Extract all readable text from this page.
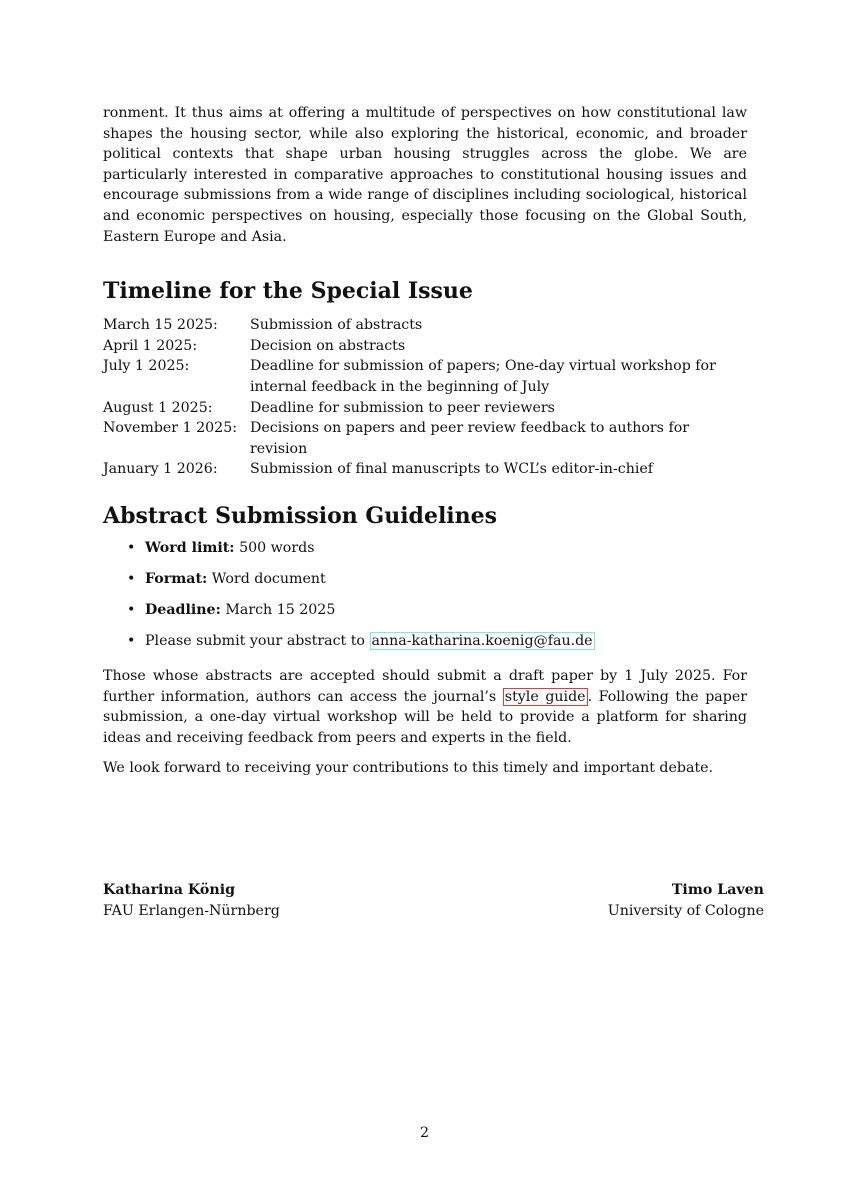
ronment. It thus aims at offering a multitude of perspectives on how constitutional law shapes the housing sector, while also exploring the historical, economic, and broader political contexts that shape urban housing struggles across the globe. We are particularly interested in comparative approaches to constitutional housing issues and encourage submissions from a wide range of disciplines including sociological, historical and economic perspectives on housing, especially those focusing on the Global South, Eastern Europe and Asia.

Timeline for the Special Issue
March 15 2025:	Submission of abstracts
April 1 2025:	Decision on abstracts
July 1 2025:	Deadline for submission of papers; One-day virtual workshop for internal feedback in the beginning of July
August 1 2025:	Deadline for submission to peer reviewers
November 1 2025:	Decisions on papers and peer review feedback to authors for revision
January 1 2026:	Submission of final manuscripts to WCL’s editor-in-chief
Abstract Submission Guidelines
• Word limit: 500 words
• Format: Word document
• Deadline: March 15 2025
• Please submit your abstract to anna-katharina.koenig@fau.de

Those whose abstracts are accepted should submit a draft paper by 1 July 2025. For further information, authors can access the journal’s style guide . Following the paper submission, a one-day virtual workshop will be held to provide a platform for sharing ideas and receiving feedback from peers and experts in the field.

We look forward to receiving your contributions to this timely and important debate.

Katharina König
FAU Erlangen-Nürnberg
Timo Laven
University of Cologne
2
